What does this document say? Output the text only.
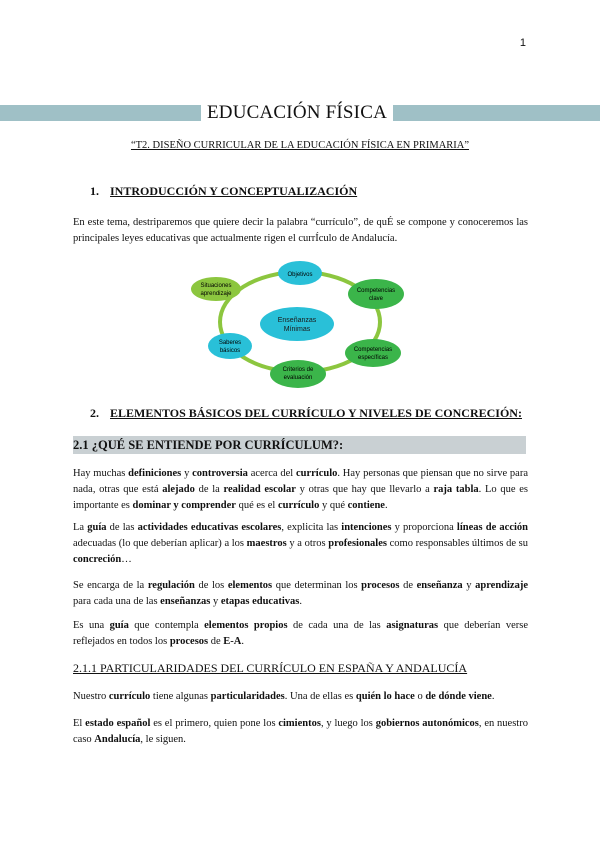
1
EDUCACIÓN FÍSICA
“T2. DISEÑO CURRICULAR DE LA EDUCACIÓN FÍSICA EN PRIMARIA”
1. INTRODUCCIÓN Y CONCEPTUALIZACIÓN
En este tema, destriparemos que quiere decir la palabra “currículo”, de quÉ se compone y conoceremos las principales leyes educativas que actualmente rigen el currÍculo de Andalucía.
Enseñanzas
Mínimas
Objetivos
Competencias
clave
Competencias
específicas
Criterios de
evaluación
Saberes
básicos
Situaciones
aprendizaje
2. ELEMENTOS BÁSICOS DEL CURRÍCULO Y NIVELES DE CONCRECIÓN:
2.1 ¿QUÉ SE ENTIENDE POR CURRÍCULUM?:
Hay muchas definiciones y controversia acerca del currículo. Hay personas que piensan que no sirve para nada, otras que está alejado de la realidad escolar y otras que hay que llevarlo a raja tabla. Lo que es importante es dominar y comprender qué es el currículo y qué contiene.
La guía de las actividades educativas escolares, explicita las intenciones y proporciona líneas de acción adecuadas (lo que deberían aplicar) a los maestros y a otros profesionales como responsables últimos de su concreción…
Se encarga de la regulación de los elementos que determinan los procesos de enseñanza y aprendizaje para cada una de las enseñanzas y etapas educativas.
Es una guía que contempla elementos propios de cada una de las asignaturas que deberían verse reflejados en todos los procesos de E-A.
2.1.1 PARTICULARIDADES DEL CURRÍCULO EN ESPAÑA Y ANDALUCÍA
Nuestro currículo tiene algunas particularidades. Una de ellas es quién lo hace o de dónde viene.
El estado español es el primero, quien pone los cimientos, y luego los gobiernos autonómicos, en nuestro caso Andalucía, le siguen.
